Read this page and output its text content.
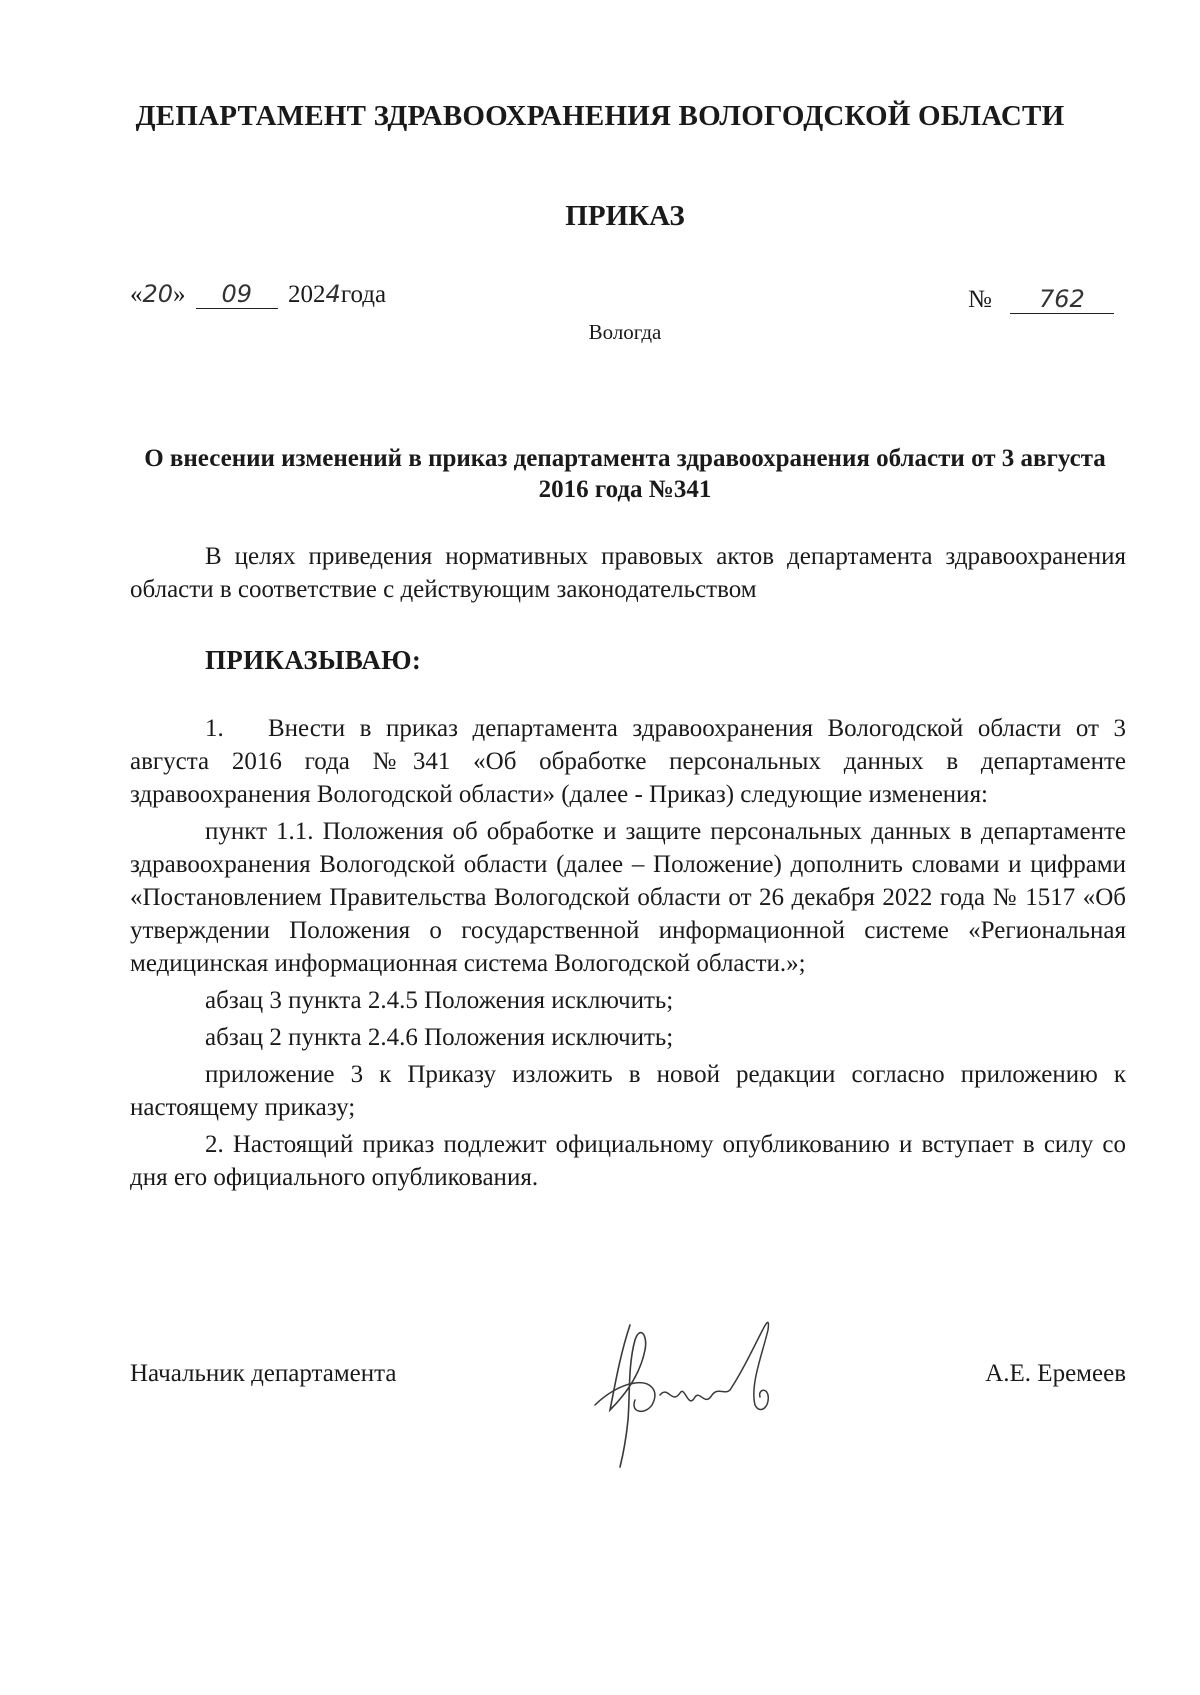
ДЕПАРТАМЕНТ ЗДРАВООХРАНЕНИЯ ВОЛОГОДСКОЙ ОБЛАСТИ
ПРИКАЗ
«20» 09 2024года	№ 762
Вологда
О внесении изменений в приказ департамента здравоохранения области от 3 августа 2016 года №341

В целях приведения нормативных правовых актов департамента здравоохранения области в соответствие с действующим законодательством

ПРИКАЗЫВАЮ:

1. Внести в приказ департамента здравоохранения Вологодской области от 3 августа 2016 года №341 «Об обработке персональных данных в департаменте здравоохранения Вологодской области» (далее - Приказ) следующие изменения:

пункт 1.1. Положения об обработке и защите персональных данных в департаменте здравоохранения Вологодской области (далее – Положение) дополнить словами и цифрами «Постановлением Правительства Вологодской области от 26 декабря 2022 года № 1517 «Об утверждении Положения о государственной информационной системе «Региональная медицинская информационная система Вологодской области.»;

абзац 3 пункта 2.4.5 Положения исключить;

абзац 2 пункта 2.4.6 Положения исключить;

приложение 3 к Приказу изложить в новой редакции согласно приложению к настоящему приказу;

2. Настоящий приказ подлежит официальному опубликованию и вступает в силу со дня его официального опубликования.

Начальник департамента	А.Е. Еремеев
